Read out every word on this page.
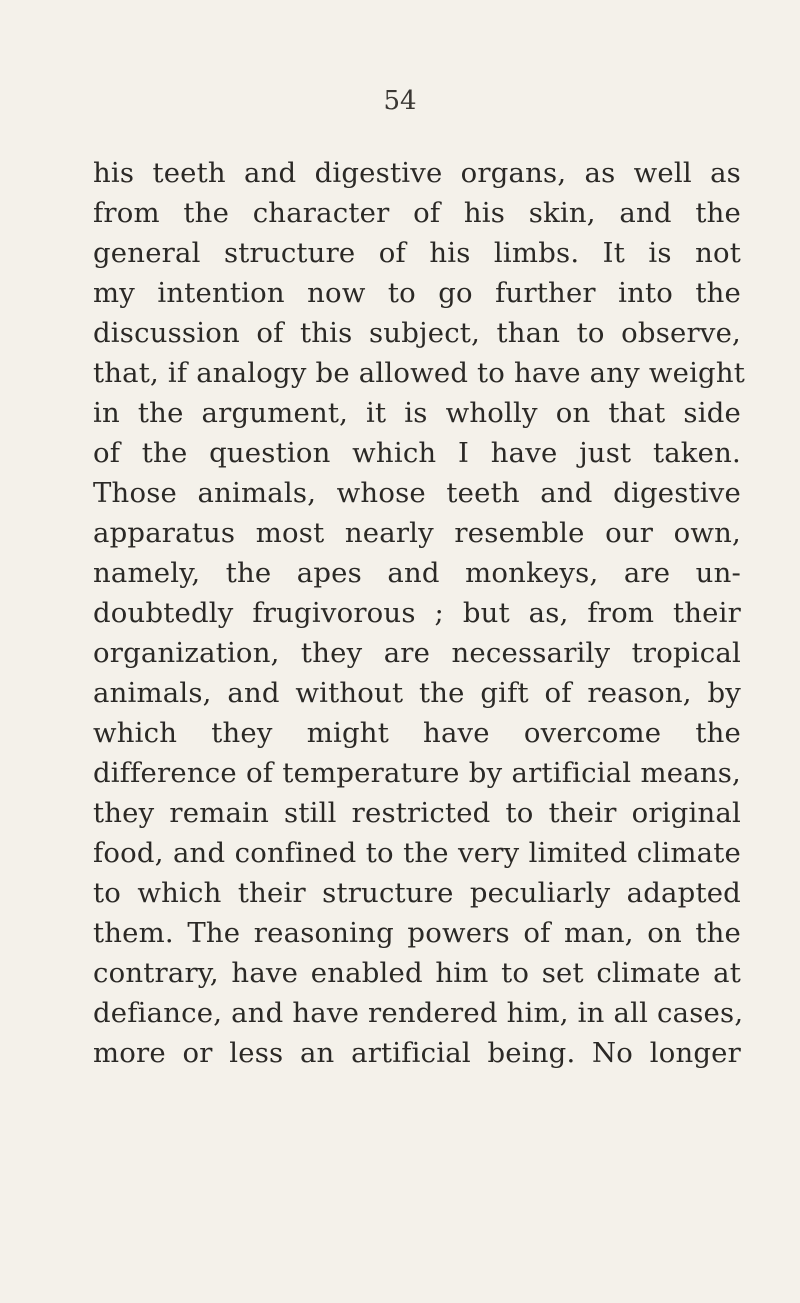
54
his teeth and digestive organs, as well as
from the character of his skin, and the
general structure of his limbs. It is not
my intention now to go further into the
discussion of this subject, than to observe,
that, if analogy be allowed to have any weight
in the argument, it is wholly on that side
of the question which I have just taken.
Those animals, whose teeth and digestive
apparatus most nearly resemble our own,
namely, the apes and monkeys, are un-
doubtedly frugivorous ; but as, from their
organization, they are necessarily tropical
animals, and without the gift of reason, by
which they might have overcome the
difference of temperature by artificial means,
they remain still restricted to their original
food, and confined to the very limited climate
to which their structure peculiarly adapted
them. The reasoning powers of man, on the
contrary, have enabled him to set climate at
defiance, and have rendered him, in all cases,
more or less an artificial being. No longer
